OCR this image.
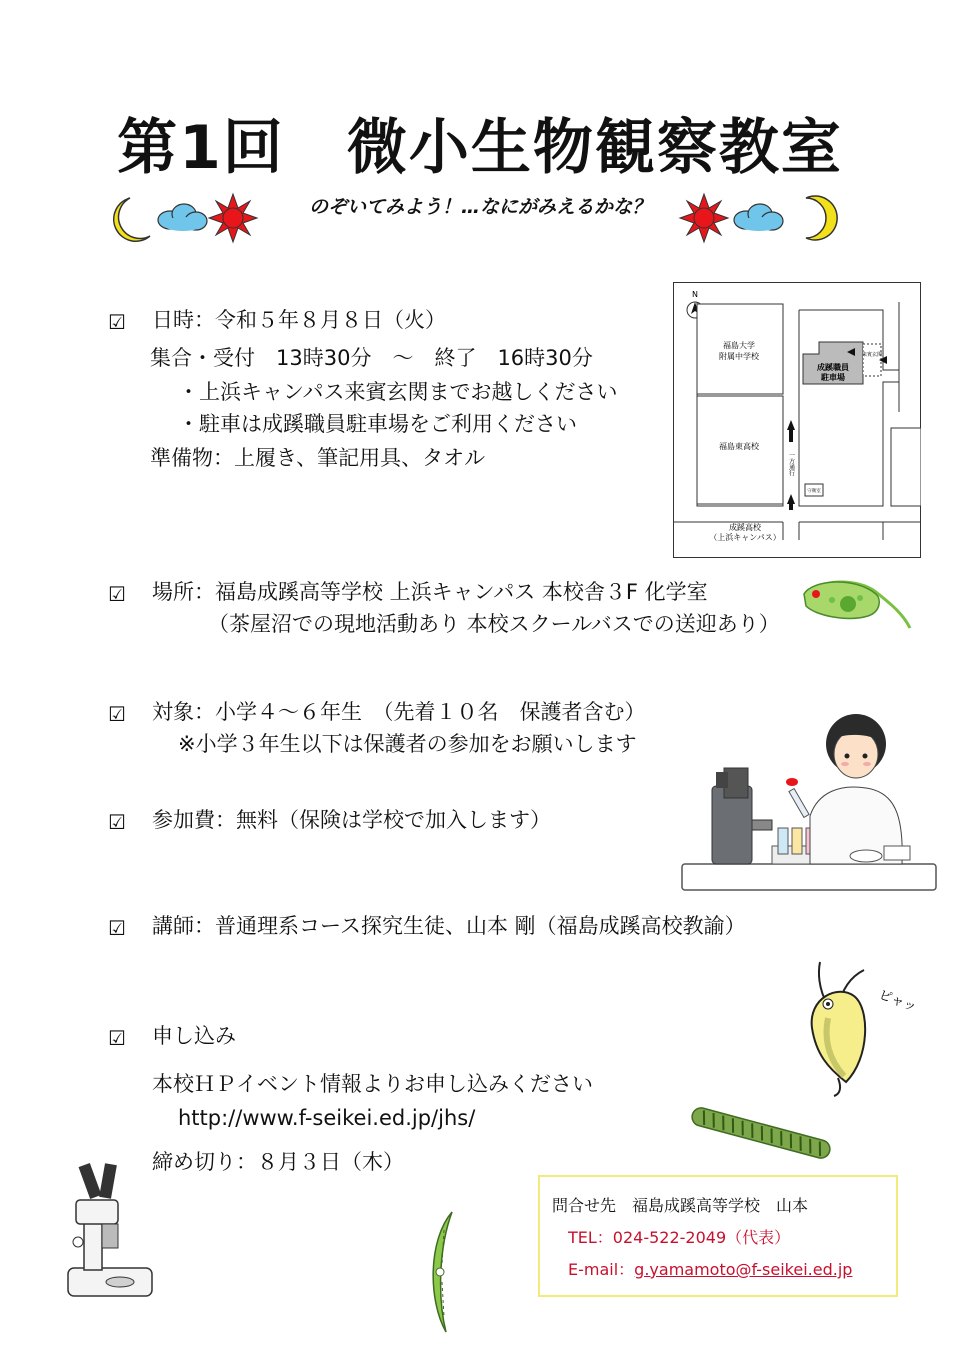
第1回　微小生物観察教室
のぞいてみよう！…なにがみえるかな？
☑ 日時：令和５年８月８日（火）
集合・受付　13時30分　～　終了　16時30分
・上浜キャンパス来賓玄関までお越しください
・駐車は成蹊職員駐車場をご利用ください
準備物：上履き、筆記用具、タオル
N
成蹊職員
駐車場
来賓玄関
一方通行
守衛室
福島大学
附属中学校
福島東高校
成蹊高校
（上浜キャンパス）
☑ 場所：福島成蹊高等学校 上浜キャンパス 本校舎３F 化学室
（茶屋沼での現地活動あり 本校スクールバスでの送迎あり）
☑ 対象：小学４～６年生　（先着１０名　保護者含む）
※小学３年生以下は保護者の参加をお願いします
☑ 参加費：無料（保険は学校で加入します）
☑ 講師：普通理系コース探究生徒、山本 剛（福島成蹊高校教諭）
ピャッ
☑ 申し込み
本校ＨＰイベント情報よりお申し込みください
http://www.f-seikei.ed.jp/jhs/
締め切り：８月３日（木）
問合せ先　福島成蹊高等学校　山本
TEL：024-522-2049（代表）
E-mail：g.yamamoto@f-seikei.ed.jp
